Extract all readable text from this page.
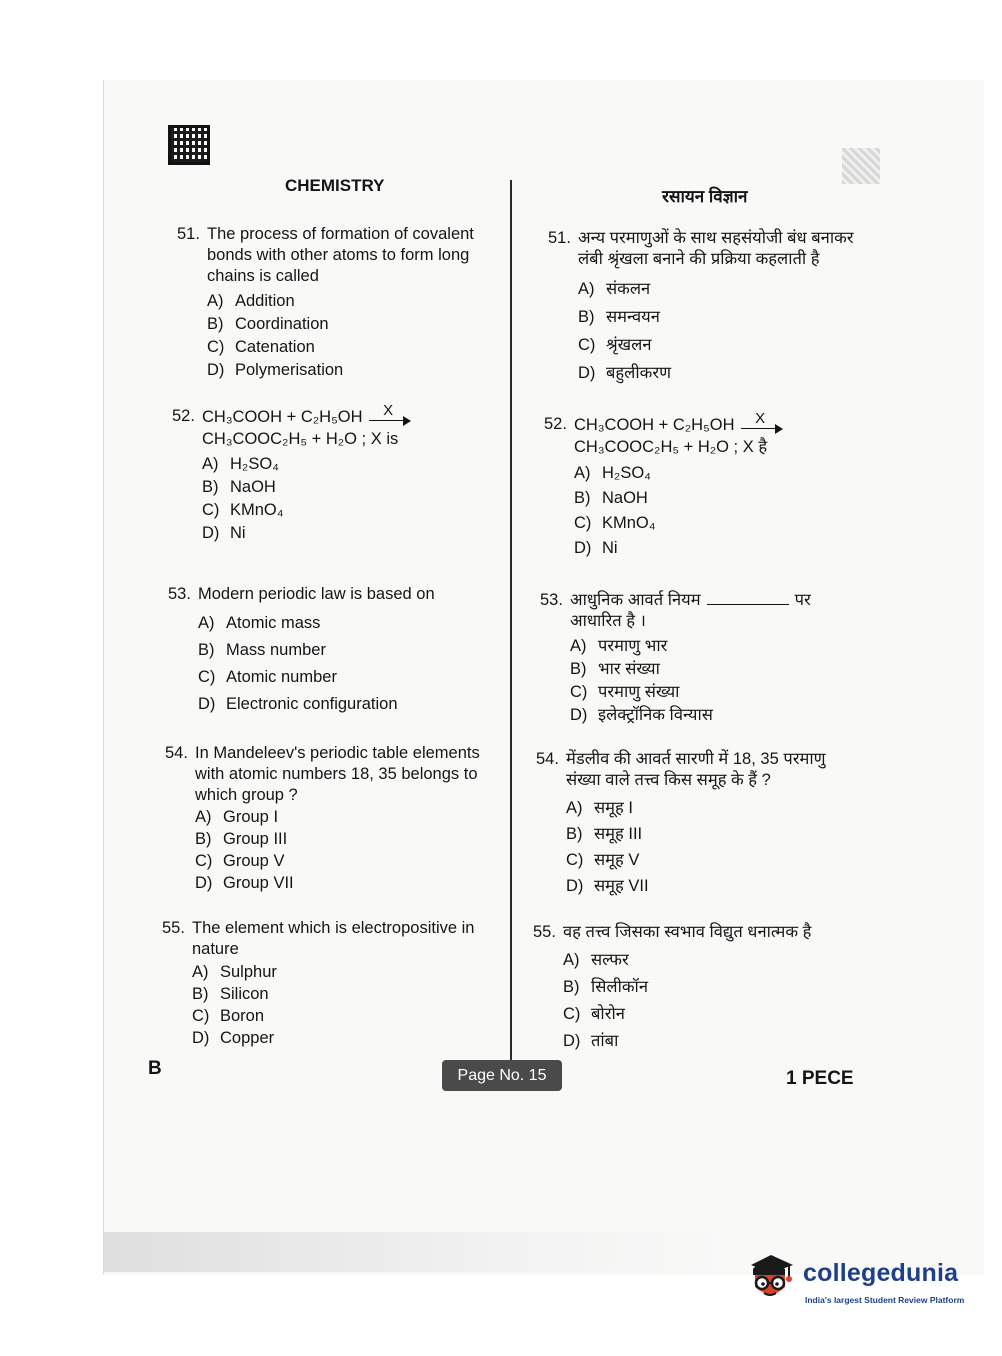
CHEMISTRY
रसायन विज्ञान
51. The process of formation of covalent bonds with other atoms to form long chains is called
A) Addition
B) Coordination
C) Catenation
D) Polymerisation
52. CH₃COOH + C₂H₅OH X

CH₃COOC₂H₅ + H₂O ; X is
A) H₂SO₄
B) NaOH
C) KMnO₄
D) Ni
53. Modern periodic law is based on
A) Atomic mass
B) Mass number
C) Atomic number
D) Electronic configuration
54. In Mandeleev's periodic table elements with atomic numbers 18, 35 belongs to which group ?
A) Group I
B) Group III
C) Group V
D) Group VII
55. The element which is electropositive in nature
A) Sulphur
B) Silicon
C) Boron
D) Copper
51. अन्य परमाणुओं के साथ सहसंयोजी बंध बनाकर लंबी श्रृंखला बनाने की प्रक्रिया कहलाती है
A) संकलन
B) समन्वयन
C) श्रृंखलन
D) बहुलीकरण
52. CH₃COOH + C₂H₅OH X

CH₃COOC₂H₅ + H₂O ; X है
A) H₂SO₄
B) NaOH
C) KMnO₄
D) Ni
53. आधुनिक आवर्त नियम	पर
आधारित है ।
A) परमाणु भार
B) भार संख्या
C) परमाणु संख्या
D) इलेक्ट्रॉनिक विन्यास
54. मेंडलीव की आवर्त सारणी में 18, 35 परमाणु संख्या वाले तत्त्व किस समूह के हैं ?
A) समूह I
B) समूह III
C) समूह V
D) समूह VII
55. वह तत्त्व जिसका स्वभाव विद्युत धनात्मक है
A) सल्फर
B) सिलीकॉन
C) बोरोन
D) तांबा
B	Page No. 15	1 PECE
collegedunia
India's largest Student Review Platform
